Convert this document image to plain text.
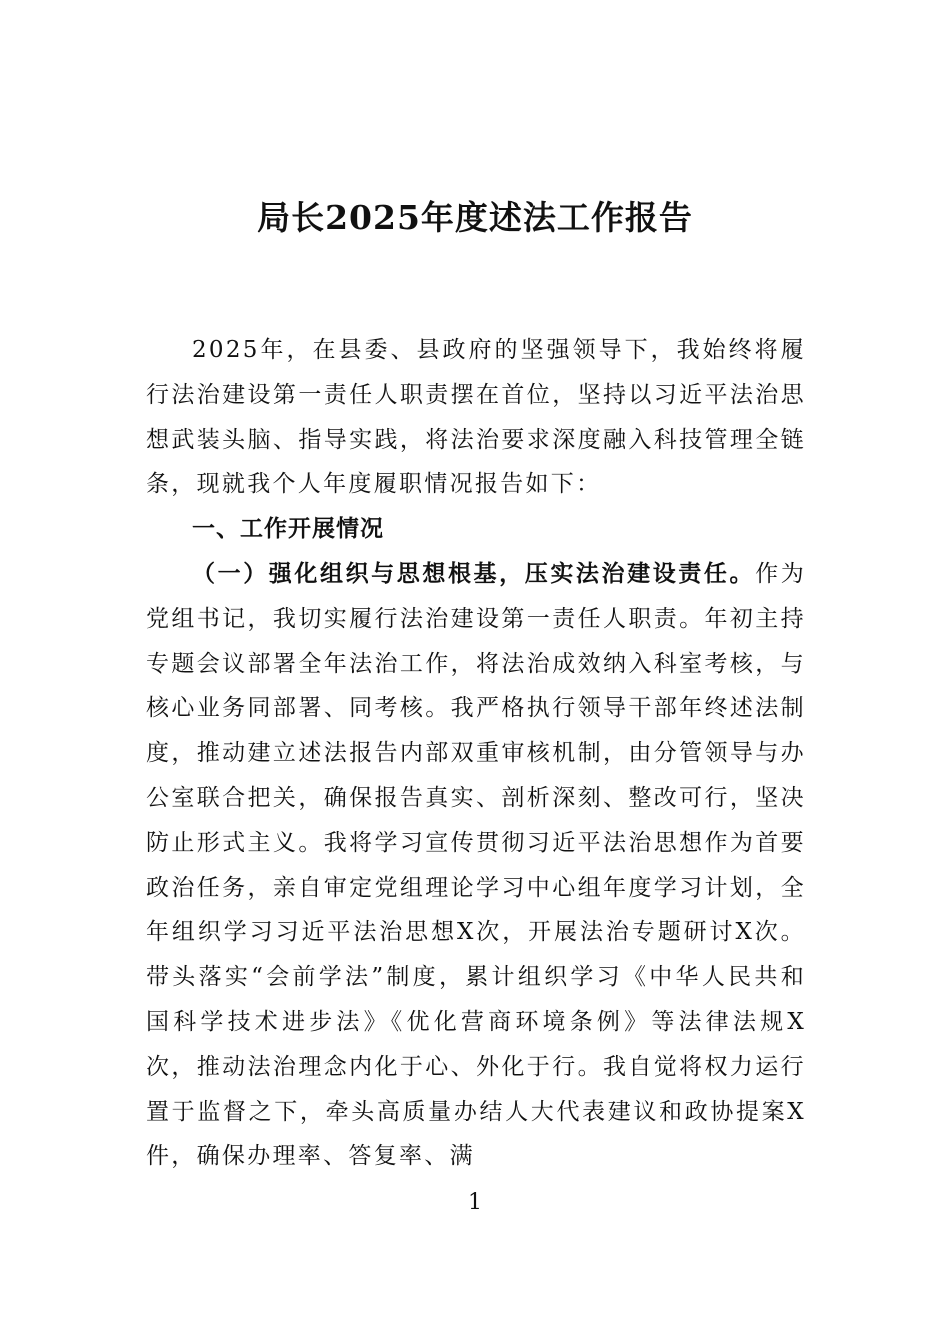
局长2025年度述法工作报告

2025年，在县委、县政府的坚强领导下，我始终将履行法治建设第一责任人职责摆在首位，坚持以习近平法治思想武装头脑、指导实践，将法治要求深度融入科技管理全链条，现就我个人年度履职情况报告如下：

一、工作开展情况

（一）强化组织与思想根基，压实法治建设责任。作为党组书记，我切实履行法治建设第一责任人职责。年初主持专题会议部署全年法治工作，将法治成效纳入科室考核，与核心业务同部署、同考核。我严格执行领导干部年终述法制度，推动建立述法报告内部双重审核机制，由分管领导与办公室联合把关，确保报告真实、剖析深刻、整改可行，坚决防止形式主义。我将学习宣传贯彻习近平法治思想作为首要政治任务，亲自审定党组理论学习中心组年度学习计划，全年组织学习习近平法治思想X次，开展法治专题研讨X次。带头落实“会前学法”制度，累计组织学习《中华人民共和国科学技术进步法》《优化营商环境条例》等法律法规X次，推动法治理念内化于心、外化于行。我自觉将权力运行置于监督之下，牵头高质量办结人大代表建议和政协提案X件，确保办理率、答复率、满

1
